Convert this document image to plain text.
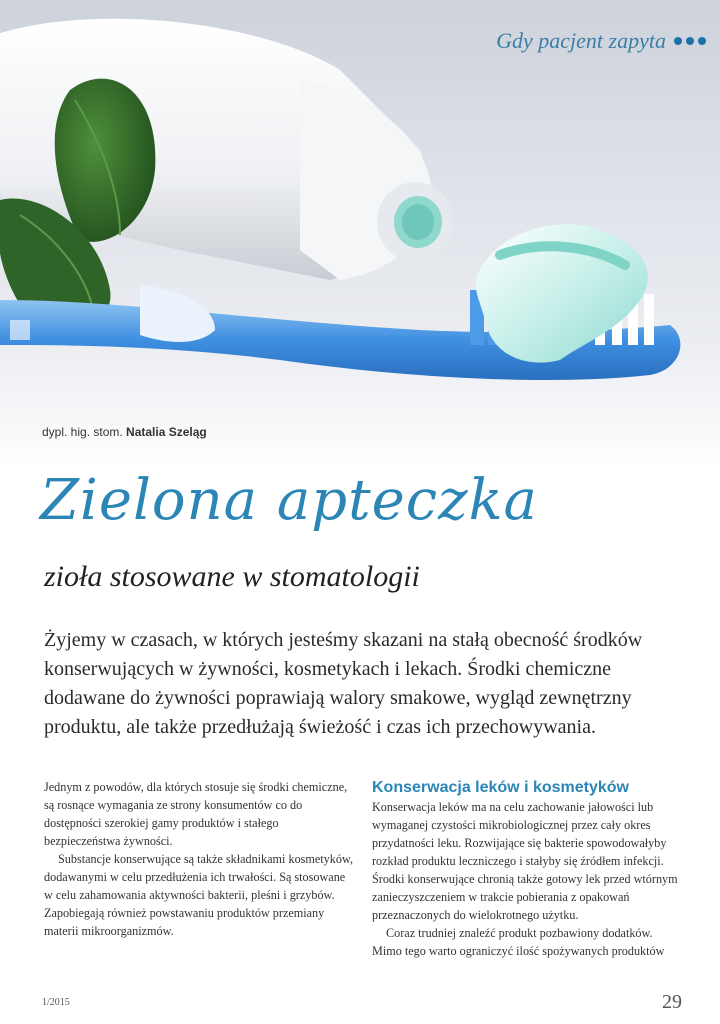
Gdy pacjent zapyta
dypl. hig. stom. Natalia Szeląg
Zielona apteczka
zioła stosowane w stomatologii

Żyjemy w czasach, w których jesteśmy skazani na stałą obecność środków konserwujących w żywności, kosmetykach i lekach. Środki chemiczne dodawane do żywności poprawiają walory smakowe, wygląd zewnętrzny produktu, ale także przedłużają świeżość i czas ich przechowywania.

Jednym z powodów, dla których stosuje się środki chemiczne, są rosnące wymagania ze strony konsumentów co do dostępności szerokiej gamy produktów i stałego bezpieczeństwa żywności.

Substancje konserwujące są także składnikami kosmetyków, dodawanymi w celu przedłużenia ich trwałości. Są stosowane w celu zahamowania aktywności bakterii, pleśni i grzybów. Zapobiegają również powstawaniu produktów przemiany materii mikroorganizmów.

Konserwacja leków i kosmetyków

Konserwacja leków ma na celu zachowanie jałowości lub wymaganej czystości mikrobiologicznej przez cały okres przydatności leku. Rozwijające się bakterie spowodowałyby rozkład produktu leczniczego i stałyby się źródłem infekcji. Środki konserwujące chronią także gotowy lek przed wtórnym zanieczyszczeniem w trakcie pobierania z opakowań przeznaczonych do wielokrotnego użytku.

Coraz trudniej znaleźć produkt pozbawiony dodatków. Mimo tego warto ograniczyć ilość spożywanych produktów

1/2015	29
